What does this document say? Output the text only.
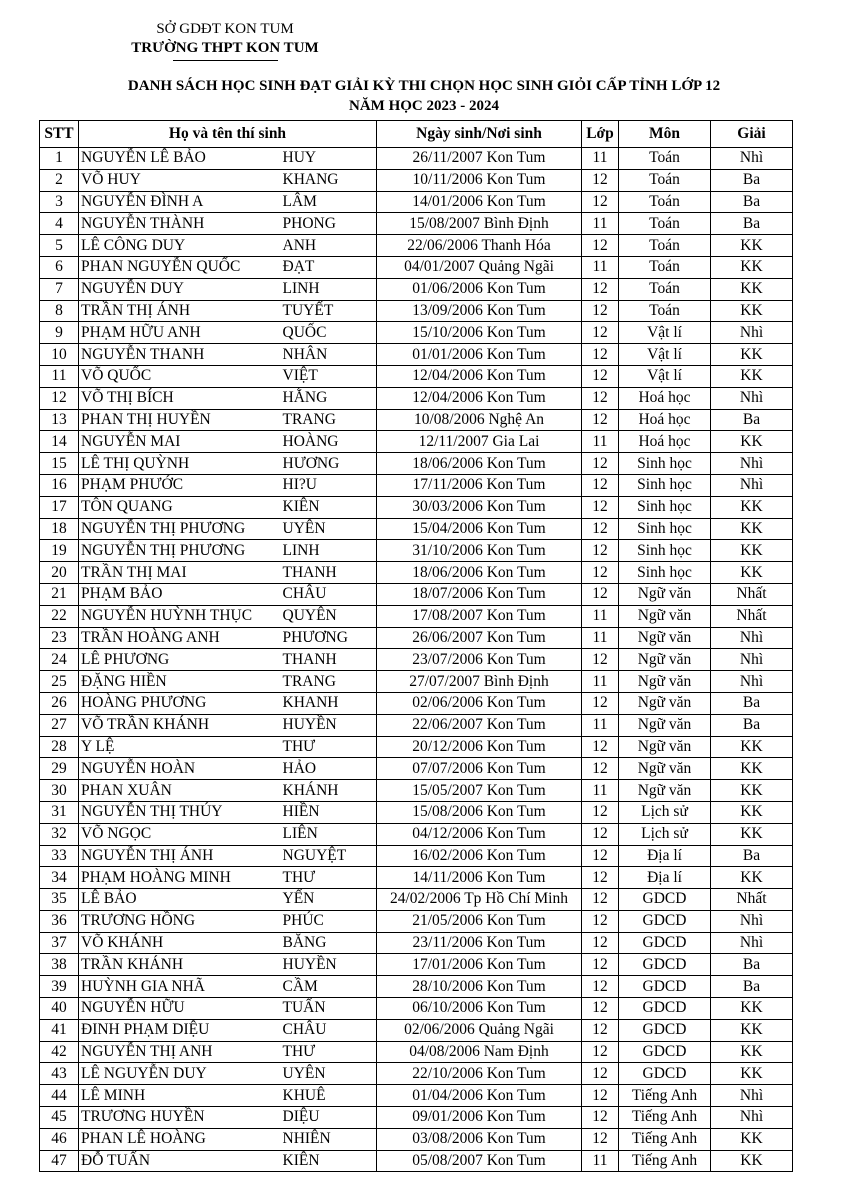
SỞ GDĐT KON TUM
TRƯỜNG THPT KON TUM
DANH SÁCH HỌC SINH ĐẠT GIẢI KỲ THI CHỌN HỌC SINH GIỎI CẤP TỈNH LỚP 12
NĂM HỌC 2023 - 2024
STT	Họ và tên thí sinh		Ngày sinh/Nơi sinh	Lớp	Môn	Giải
1	NGUYỄN LÊ BẢO	HUY	26/11/2007 Kon Tum	11	Toán	Nhì
2	VÕ HUY	KHANG	10/11/2006 Kon Tum	12	Toán	Ba
3	NGUYỄN ĐÌNH A	LÂM	14/01/2006 Kon Tum	12	Toán	Ba
4	NGUYỄN THÀNH	PHONG	15/08/2007 Bình Định	11	Toán	Ba
5	LÊ CÔNG DUY	ANH	22/06/2006 Thanh Hóa	12	Toán	KK
6	PHAN NGUYỄN QUỐC	ĐẠT	04/01/2007 Quảng Ngãi	11	Toán	KK
7	NGUYỄN DUY	LINH	01/06/2006 Kon Tum	12	Toán	KK
8	TRẦN THỊ ÁNH	TUYẾT	13/09/2006 Kon Tum	12	Toán	KK
9	PHẠM HỮU ANH	QUỐC	15/10/2006 Kon Tum	12	Vật lí	Nhì
10	NGUYỄN THANH	NHÂN	01/01/2006 Kon Tum	12	Vật lí	KK
11	VÕ QUỐC	VIỆT	12/04/2006 Kon Tum	12	Vật lí	KK
12	VÕ THỊ BÍCH	HẰNG	12/04/2006 Kon Tum	12	Hoá học	Nhì
13	PHAN THỊ HUYỀN	TRANG	10/08/2006 Nghệ An	12	Hoá học	Ba
14	NGUYỄN MAI	HOÀNG	12/11/2007 Gia Lai	11	Hoá học	KK
15	LÊ THỊ QUỲNH	HƯƠNG	18/06/2006 Kon Tum	12	Sinh học	Nhì
16	PHẠM PHƯỚC	HI?U	17/11/2006 Kon Tum	12	Sinh học	Nhì
17	TÔN QUANG	KIÊN	30/03/2006 Kon Tum	12	Sinh học	KK
18	NGUYỄN THỊ PHƯƠNG	UYÊN	15/04/2006 Kon Tum	12	Sinh học	KK
19	NGUYỄN THỊ PHƯƠNG	LINH	31/10/2006 Kon Tum	12	Sinh học	KK
20	TRẦN THỊ MAI	THANH	18/06/2006 Kon Tum	12	Sinh học	KK
21	PHẠM BẢO	CHÂU	18/07/2006 Kon Tum	12	Ngữ văn	Nhất
22	NGUYỄN HUỲNH THỤC	QUYÊN	17/08/2007 Kon Tum	11	Ngữ văn	Nhất
23	TRẦN HOÀNG ANH	PHƯƠNG	26/06/2007 Kon Tum	11	Ngữ văn	Nhì
24	LÊ PHƯƠNG	THANH	23/07/2006 Kon Tum	12	Ngữ văn	Nhì
25	ĐẶNG HIỀN	TRANG	27/07/2007 Bình Định	11	Ngữ văn	Nhì
26	HOÀNG PHƯƠNG	KHANH	02/06/2006 Kon Tum	12	Ngữ văn	Ba
27	VÕ TRẦN KHÁNH	HUYỀN	22/06/2007 Kon Tum	11	Ngữ văn	Ba
28	Y LỆ	THƯ	20/12/2006 Kon Tum	12	Ngữ văn	KK
29	NGUYỄN HOÀN	HẢO	07/07/2006 Kon Tum	12	Ngữ văn	KK
30	PHAN XUÂN	KHÁNH	15/05/2007 Kon Tum	11	Ngữ văn	KK
31	NGUYỄN THỊ THÚY	HIỀN	15/08/2006 Kon Tum	12	Lịch sử	KK
32	VÕ NGỌC	LIÊN	04/12/2006 Kon Tum	12	Lịch sử	KK
33	NGUYỄN THỊ ÁNH	NGUYỆT	16/02/2006 Kon Tum	12	Địa lí	Ba
34	PHẠM HOÀNG MINH	THƯ	14/11/2006 Kon Tum	12	Địa lí	KK
35	LÊ BẢO	YẾN	24/02/2006 Tp Hồ Chí Minh	12	GDCD	Nhất
36	TRƯƠNG HỒNG	PHÚC	21/05/2006 Kon Tum	12	GDCD	Nhì
37	VÕ KHÁNH	BĂNG	23/11/2006 Kon Tum	12	GDCD	Nhì
38	TRẦN KHÁNH	HUYỀN	17/01/2006 Kon Tum	12	GDCD	Ba
39	HUỲNH GIA NHÃ	CẦM	28/10/2006 Kon Tum	12	GDCD	Ba
40	NGUYỄN HỮU	TUẤN	06/10/2006 Kon Tum	12	GDCD	KK
41	ĐINH PHẠM DIỆU	CHÂU	02/06/2006 Quảng Ngãi	12	GDCD	KK
42	NGUYỄN THỊ ANH	THƯ	04/08/2006 Nam Định	12	GDCD	KK
43	LÊ NGUYỄN DUY	UYÊN	22/10/2006 Kon Tum	12	GDCD	KK
44	LÊ MINH	KHUÊ	01/04/2006 Kon Tum	12	Tiếng Anh	Nhì
45	TRƯƠNG HUYỀN	DIỆU	09/01/2006 Kon Tum	12	Tiếng Anh	Nhì
46	PHAN LÊ HOÀNG	NHIÊN	03/08/2006 Kon Tum	12	Tiếng Anh	KK
47	ĐỖ TUẤN	KIÊN	05/08/2007 Kon Tum	11	Tiếng Anh	KK
